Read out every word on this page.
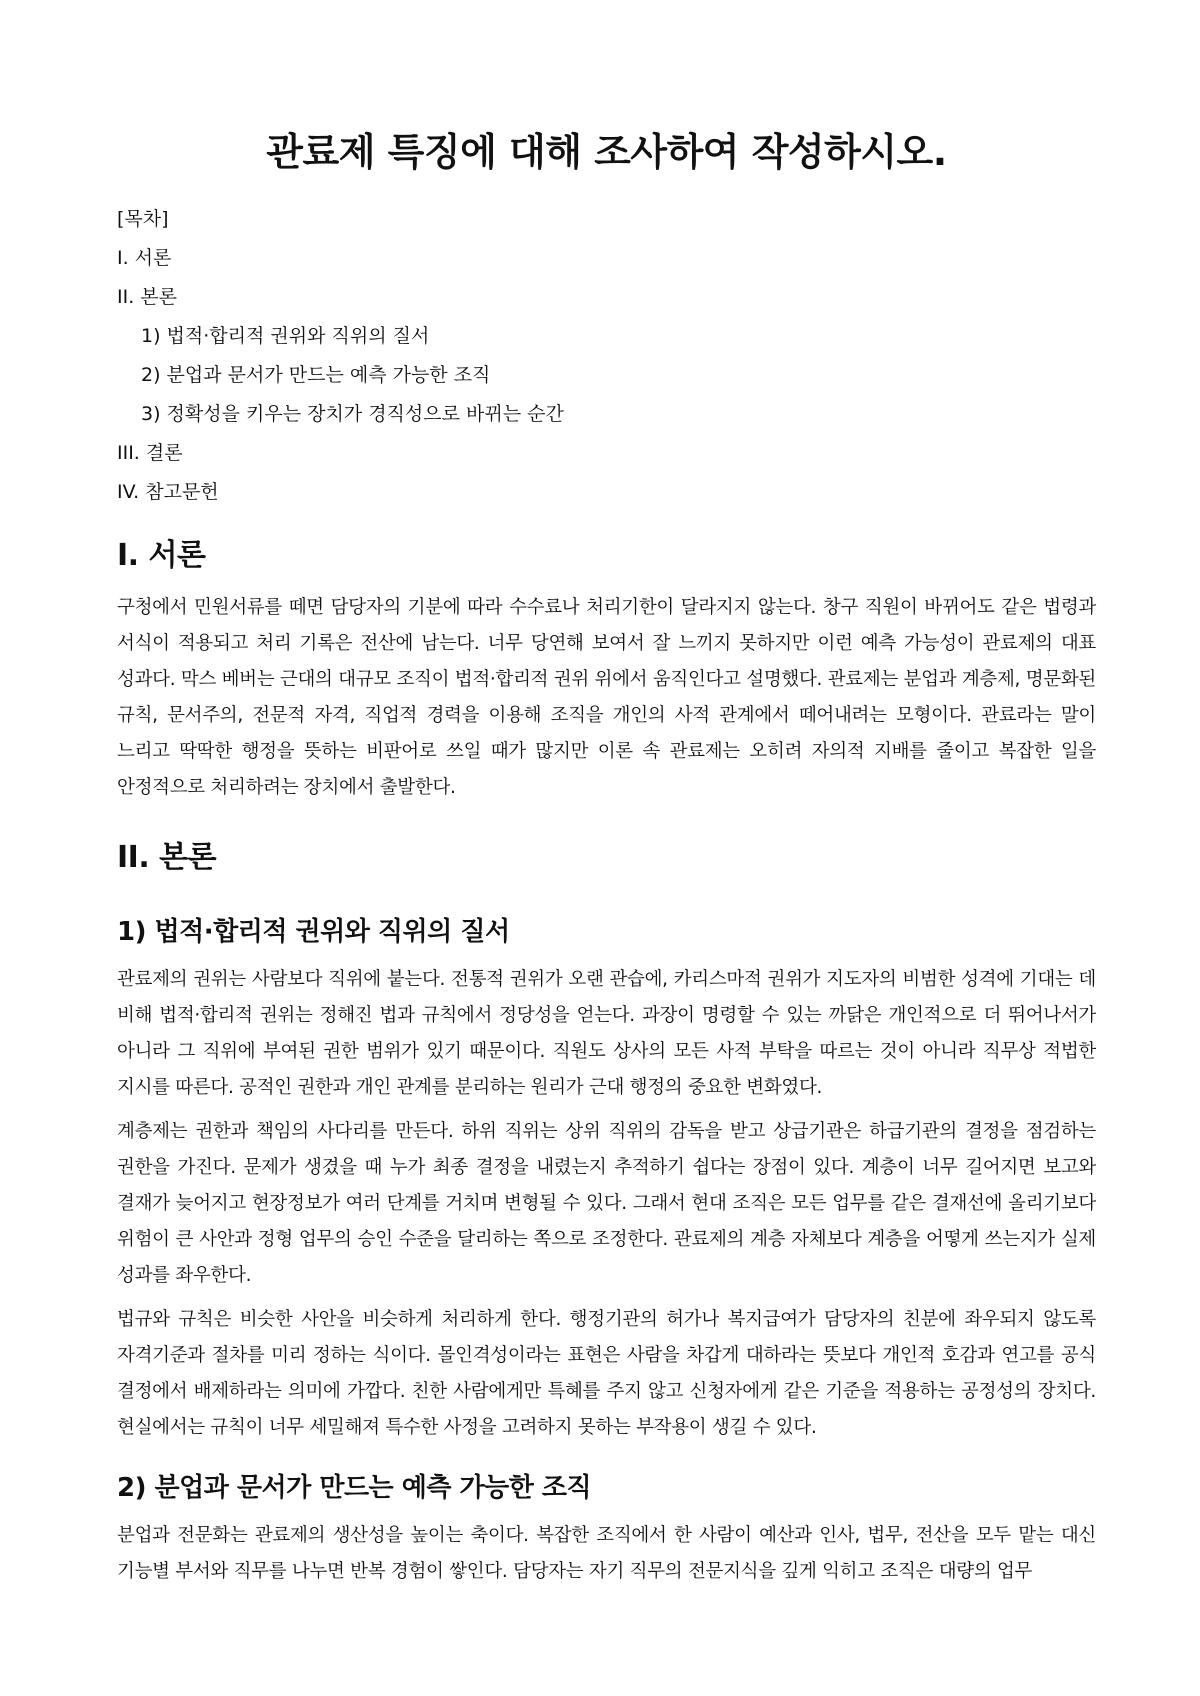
관료제 특징에 대해 조사하여 작성하시오.
[목차]
I. 서론
II. 본론
1) 법적·합리적 권위와 직위의 질서
2) 분업과 문서가 만드는 예측 가능한 조직
3) 정확성을 키우는 장치가 경직성으로 바뀌는 순간
III. 결론
IV. 참고문헌
I. 서론

구청에서 민원서류를 떼면 담당자의 기분에 따라 수수료나 처리기한이 달라지지 않는다. 창구 직원이 바뀌어도 같은 법령과 서식이 적용되고 처리 기록은 전산에 남는다. 너무 당연해 보여서 잘 느끼지 못하지만 이런 예측 가능성이 관료제의 대표 성과다. 막스 베버는 근대의 대규모 조직이 법적·합리적 권위 위에서 움직인다고 설명했다. 관료제는 분업과 계층제, 명문화된 규칙, 문서주의, 전문적 자격, 직업적 경력을 이용해 조직을 개인의 사적 관계에서 떼어내려는 모형이다. 관료라는 말이 느리고 딱딱한 행정을 뜻하는 비판어로 쓰일 때가 많지만 이론 속 관료제는 오히려 자의적 지배를 줄이고 복잡한 일을 안정적으로 처리하려는 장치에서 출발한다.

II. 본론
1) 법적·합리적 권위와 직위의 질서

관료제의 권위는 사람보다 직위에 붙는다. 전통적 권위가 오랜 관습에, 카리스마적 권위가 지도자의 비범한 성격에 기대는 데 비해 법적·합리적 권위는 정해진 법과 규칙에서 정당성을 얻는다. 과장이 명령할 수 있는 까닭은 개인적으로 더 뛰어나서가 아니라 그 직위에 부여된 권한 범위가 있기 때문이다. 직원도 상사의 모든 사적 부탁을 따르는 것이 아니라 직무상 적법한 지시를 따른다. 공적인 권한과 개인 관계를 분리하는 원리가 근대 행정의 중요한 변화였다.

계층제는 권한과 책임의 사다리를 만든다. 하위 직위는 상위 직위의 감독을 받고 상급기관은 하급기관의 결정을 점검하는 권한을 가진다. 문제가 생겼을 때 누가 최종 결정을 내렸는지 추적하기 쉽다는 장점이 있다. 계층이 너무 길어지면 보고와 결재가 늦어지고 현장정보가 여러 단계를 거치며 변형될 수 있다. 그래서 현대 조직은 모든 업무를 같은 결재선에 올리기보다 위험이 큰 사안과 정형 업무의 승인 수준을 달리하는 쪽으로 조정한다. 관료제의 계층 자체보다 계층을 어떻게 쓰는지가 실제 성과를 좌우한다.

법규와 규칙은 비슷한 사안을 비슷하게 처리하게 한다. 행정기관의 허가나 복지급여가 담당자의 친분에 좌우되지 않도록 자격기준과 절차를 미리 정하는 식이다. 몰인격성이라는 표현은 사람을 차갑게 대하라는 뜻보다 개인적 호감과 연고를 공식 결정에서 배제하라는 의미에 가깝다. 친한 사람에게만 특혜를 주지 않고 신청자에게 같은 기준을 적용하는 공정성의 장치다. 현실에서는 규칙이 너무 세밀해져 특수한 사정을 고려하지 못하는 부작용이 생길 수 있다.

2) 분업과 문서가 만드는 예측 가능한 조직

분업과 전문화는 관료제의 생산성을 높이는 축이다. 복잡한 조직에서 한 사람이 예산과 인사, 법무, 전산을 모두 맡는 대신 기능별 부서와 직무를 나누면 반복 경험이 쌓인다. 담당자는 자기 직무의 전문지식을 깊게 익히고 조직은 대량의 업무
